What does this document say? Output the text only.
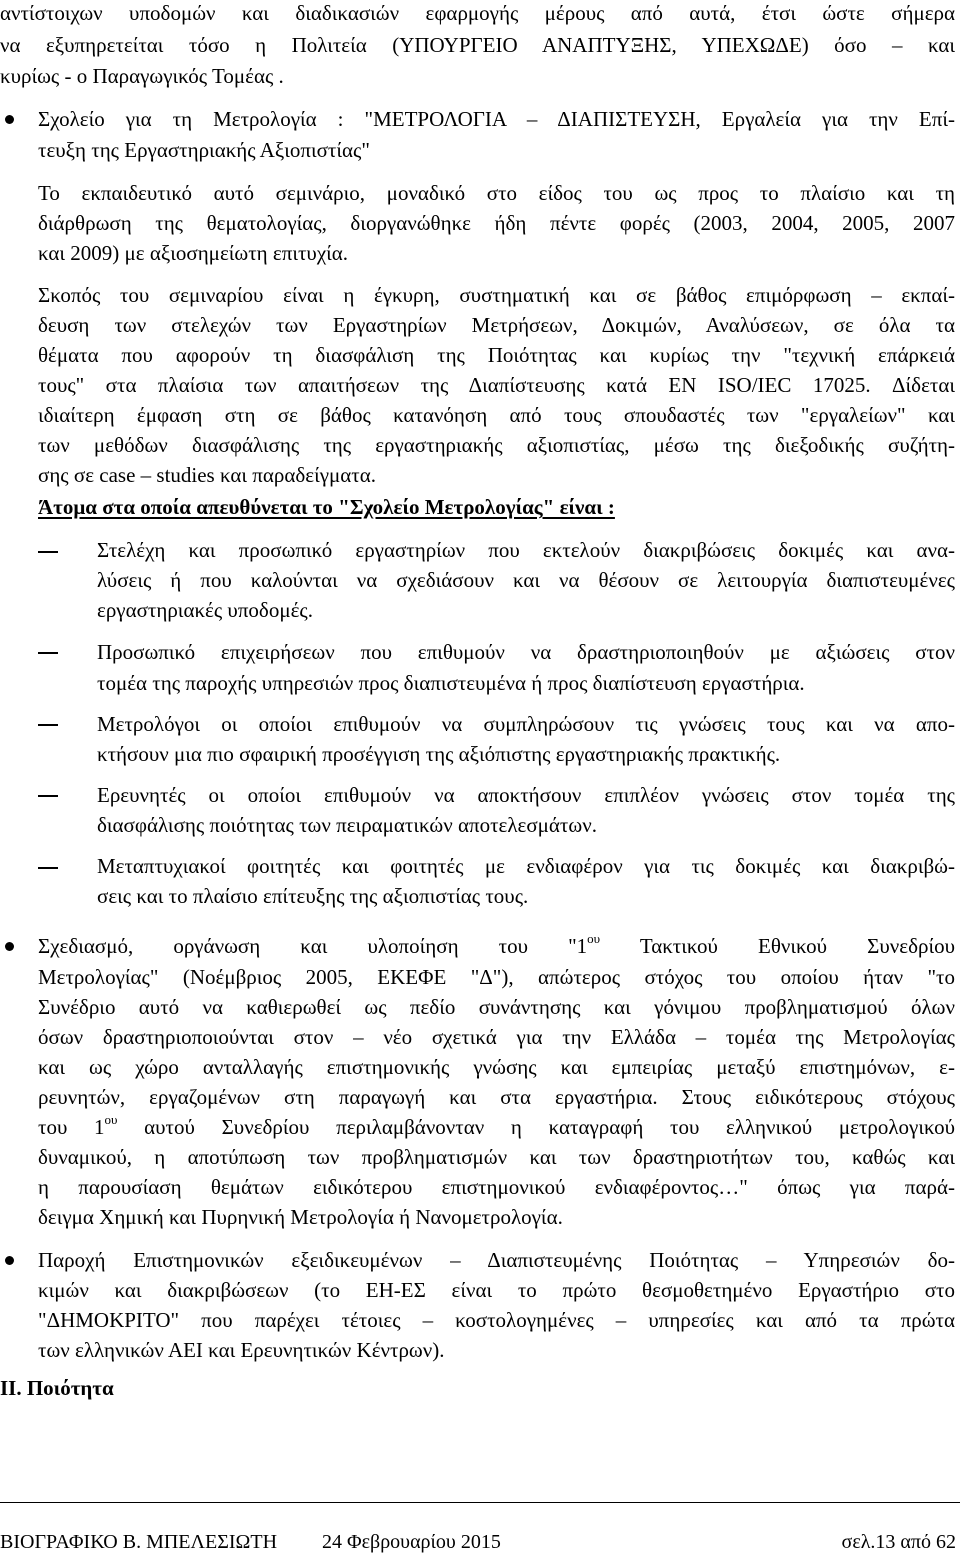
αντίστοιχων υποδομών και διαδικασιών εφαρμογής μέρους από αυτά, έτσι ώστε σήμερα
να εξυπηρετείται τόσο η Πολιτεία (ΥΠΟΥΡΓΕΙΟ ΑΝΑΠΤΥΞΗΣ, ΥΠΕΧΩΔΕ) όσο – και
κυρίως - ο Παραγωγικός Τομέας .
Σχολείο για τη Μετρολογία : "ΜΕΤΡΟΛΟΓΙΑ – ΔΙΑΠΙΣΤΕΥΣΗ, Εργαλεία για την Επί-
τευξη της Εργαστηριακής Αξιοπιστίας"
Το εκπαιδευτικό αυτό σεμινάριο, μοναδικό στο είδος του ως προς το πλαίσιο και τη
διάρθρωση της θεματολογίας, διοργανώθηκε ήδη πέντε φορές (2003, 2004, 2005, 2007
και 2009) με αξιοσημείωτη επιτυχία.
Σκοπός του σεμιναρίου είναι η έγκυρη, συστηματική και σε βάθος επιμόρφωση – εκπαί-
δευση των στελεχών των Εργαστηρίων Μετρήσεων, Δοκιμών, Αναλύσεων, σε όλα τα
θέματα που αφορούν τη διασφάλιση της Ποιότητας και κυρίως την "τεχνική επάρκειά
τους" στα πλαίσια των απαιτήσεων της Διαπίστευσης κατά EN ISO/IEC 17025. Δίδεται
ιδιαίτερη έμφαση στη σε βάθος κατανόηση από τους σπουδαστές των "εργαλείων" και
των μεθόδων διασφάλισης της εργαστηριακής αξιοπιστίας, μέσω της διεξοδικής συζήτη-
σης σε case – studies και παραδείγματα.
Άτομα στα οποία απευθύνεται το "Σχολείο Μετρολογίας" είναι :
Στελέχη και προσωπικό εργαστηρίων που εκτελούν διακριβώσεις δοκιμές και ανα-
λύσεις ή που καλούνται να σχεδιάσουν και να θέσουν σε λειτουργία διαπιστευμένες
εργαστηριακές υποδομές.
Προσωπικό επιχειρήσεων που επιθυμούν να δραστηριοποιηθούν με αξιώσεις στον
τομέα της παροχής υπηρεσιών προς διαπιστευμένα ή προς διαπίστευση εργαστήρια.
Μετρολόγοι οι οποίοι επιθυμούν να συμπληρώσουν τις γνώσεις τους και να απο-
κτήσουν μια πιο σφαιρική προσέγγιση της αξιόπιστης εργαστηριακής πρακτικής.
Ερευνητές οι οποίοι επιθυμούν να αποκτήσουν επιπλέον γνώσεις στον τομέα της
διασφάλισης ποιότητας των πειραματικών αποτελεσμάτων.
Μεταπτυχιακοί φοιτητές και φοιτητές με ενδιαφέρον για τις δοκιμές και διακριβώ-
σεις και το πλαίσιο επίτευξης της αξιοπιστίας τους.
Σχεδιασμό, οργάνωση και υλοποίηση του "$1^{o\upsilon}$ Τακτικού Εθνικού Συνεδρίου
Μετρολογίας" (Νοέμβριος 2005, ΕΚΕΦΕ "Δ"), απώτερος στόχος του οποίου ήταν "το
Συνέδριο αυτό να καθιερωθεί ως πεδίο συνάντησης και γόνιμου προβληματισμού όλων
όσων δραστηριοποιούνται στον – νέο σχετικά για την Ελλάδα – τομέα της Μετρολογίας
και ως χώρο ανταλλαγής επιστημονικής γνώσης και εμπειρίας μεταξύ επιστημόνων, ε-
ρευνητών, εργαζομένων στη παραγωγή και στα εργαστήρια. Στους ειδικότερους στόχους
του $1^{o\upsilon}$ αυτού Συνεδρίου περιλαμβάνονταν η καταγραφή του ελληνικού μετρολογικού
δυναμικού, η αποτύπωση των προβληματισμών και των δραστηριοτήτων του, καθώς και
η παρουσίαση θεμάτων ειδικότερου επιστημονικού ενδιαφέροντος…" όπως για παρά-
δειγμα Χημική και Πυρηνική Μετρολογία ή Νανομετρολογία.
Παροχή Επιστημονικών εξειδικευμένων – Διαπιστευμένης Ποιότητας – Υπηρεσιών δο-
κιμών και διακριβώσεων (το ΕΗ-ΕΣ είναι το πρώτο θεσμοθετημένο Εργαστήριο στο
"ΔΗΜΟΚΡΙΤΟ" που παρέχει τέτοιες – κοστολογημένες – υπηρεσίες και από τα πρώτα
των ελληνικών ΑΕΙ και Ερευνητικών Κέντρων).
ΙΙ. Ποιότητα
ΒΙΟΓΡΑΦΙΚΟ Β. ΜΠΕΛΕΣΙΩΤΗ 24 Φεβρουαρίου 2015	σελ.13 από 62
